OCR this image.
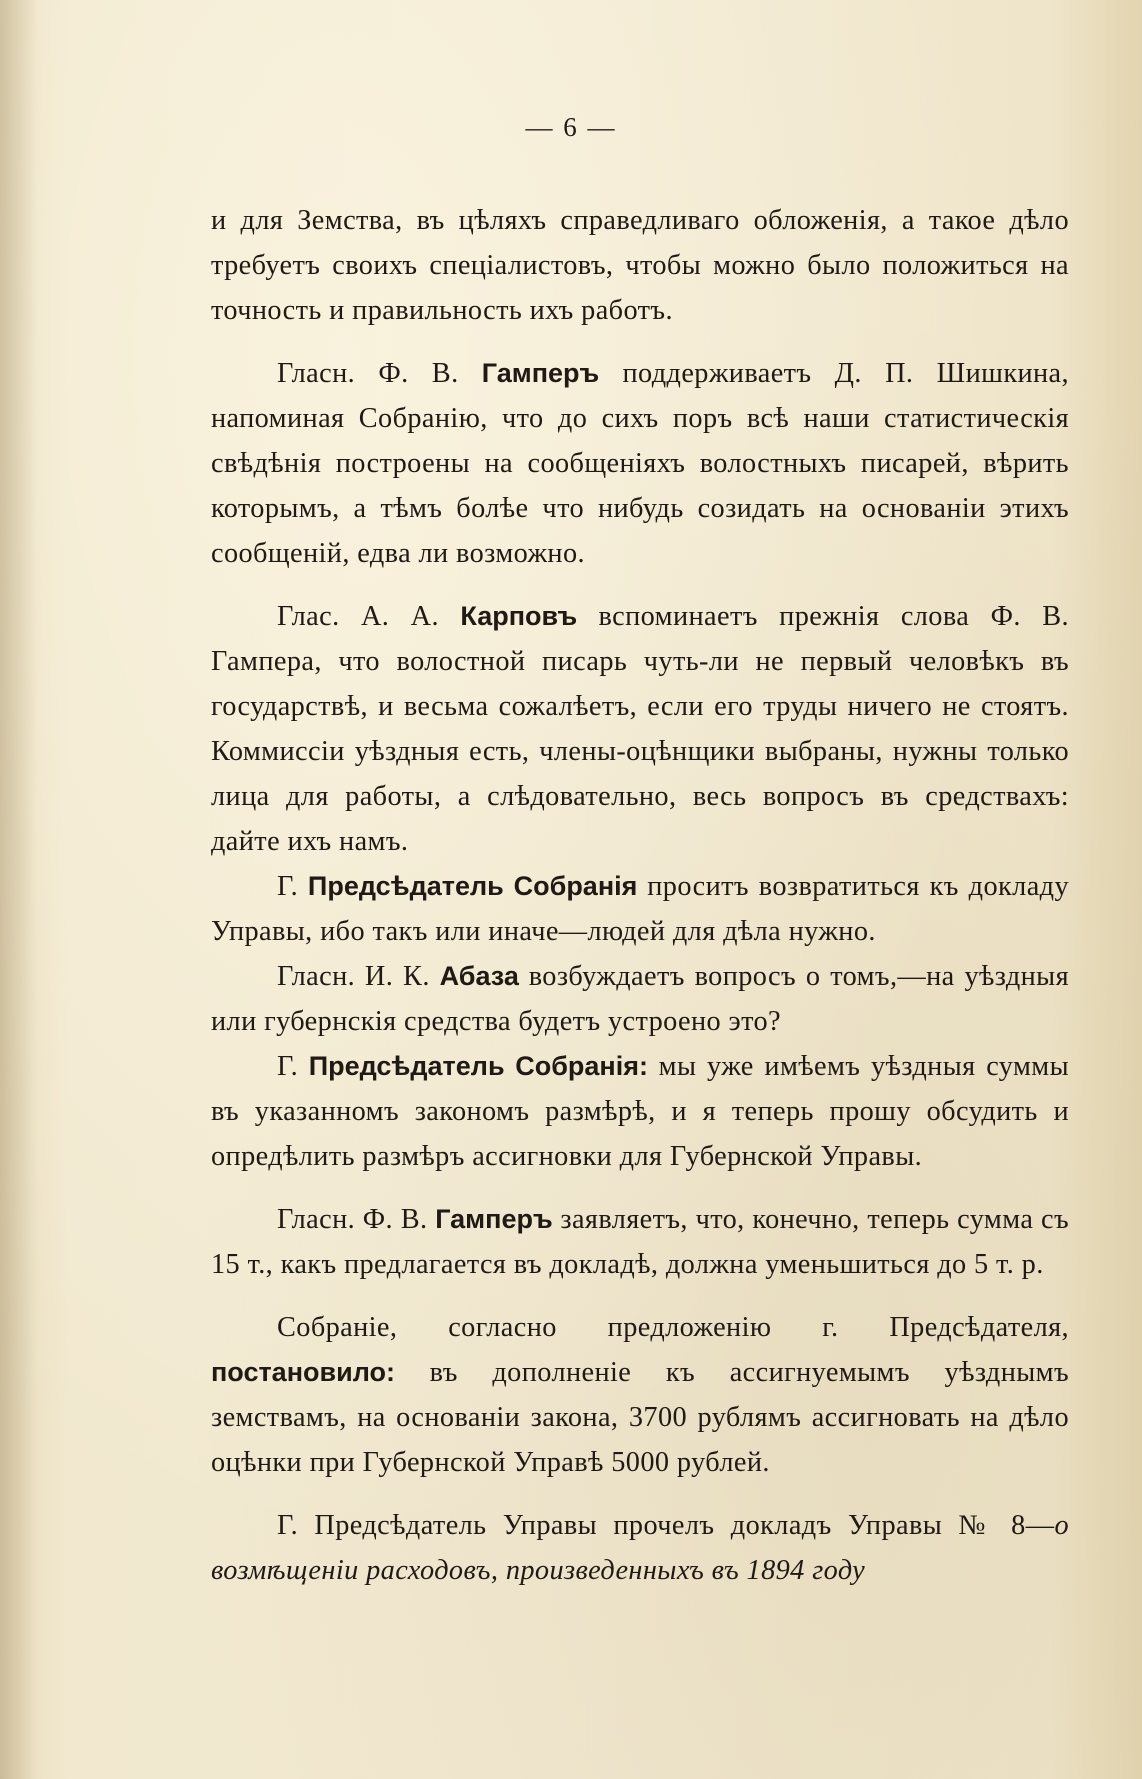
— 6 —

и для Земства, въ цѣляхъ справедливаго обложенія, а такое дѣло требуетъ своихъ спеціалистовъ, чтобы можно было положиться на точность и правильность ихъ работъ.

Гласн. Ф. В. Гамперъ поддерживаетъ Д. П. Шишкина, напоминая Собранію, что до сихъ поръ всѣ наши статистическія свѣдѣнія построены на сообщеніяхъ волостныхъ писарей, вѣрить которымъ, а тѣмъ болѣе что нибудь созидать на основаніи этихъ сообщеній, едва ли возможно.

Глас. А. А. Карповъ вспоминаетъ прежнія слова Ф. В. Гампера, что волостной писарь чуть-ли не первый человѣкъ въ государствѣ, и весьма сожалѣетъ, если его труды ничего не стоятъ. Коммиссіи уѣздныя есть, члены-оцѣнщики выбраны, нужны только лица для работы, а слѣдовательно, весь вопросъ въ средствахъ: дайте ихъ намъ.

Г. Предсѣдатель Собранія проситъ возвратиться къ докладу Управы, ибо такъ или иначе—людей для дѣла нужно.

Гласн. И. К. Абаза возбуждаетъ вопросъ о томъ,—на уѣздныя или губернскія средства будетъ устроено это?

Г. Предсѣдатель Собранія: мы уже имѣемъ уѣздныя суммы въ указанномъ закономъ размѣрѣ, и я теперь прошу обсудить и опредѣлить размѣръ ассигновки для Губернской Управы.

Гласн. Ф. В. Гамперъ заявляетъ, что, конечно, теперь сумма съ 15 т., какъ предлагается въ докладѣ, должна уменьшиться до 5 т. р.

Собраніе, согласно предложенію г. Предсѣдателя, постановило: въ дополненіе къ ассигнуемымъ уѣзднымъ земствамъ, на основаніи закона, 3700 рублямъ ассигновать на дѣло оцѣнки при Губернской Управѣ 5000 рублей.

Г. Предсѣдатель Управы прочелъ докладъ Управы № 8—о возмѣщеніи расходовъ, произведенныхъ въ 1894 году
